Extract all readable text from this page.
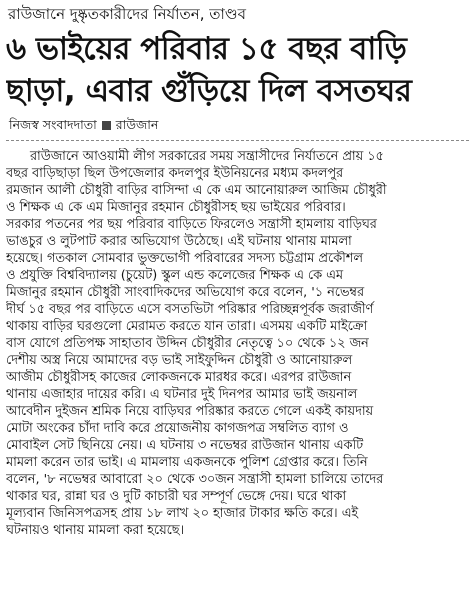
রাউজানে দুষ্কৃতকারীদের নির্যাতন, তাণ্ডব
৬ ভাইয়ের পরিবার ১৫ বছর বাড়ি
ছাড়া, এবার গুঁড়িয়ে দিল বসতঘর
নিজস্ব সংবাদদাতা রাউজান
রাউজানে আওয়ামী লীগ সরকারের সময় সন্ত্রাসীদের নির্যাতনে প্রায় ১৫
বছর বাড়িছাড়া ছিল উপজেলার কদলপুর ইউনিয়নের মধ্যম কদলপুর
রমজান আলী চৌধুরী বাড়ির বাসিন্দা এ কে এম আনোয়ারুল আজিম চৌধুরী
ও শিক্ষক এ কে এম মিজানুর রহমান চৌধুরীসহ ছয় ভাইয়ের পরিবার।
সরকার পতনের পর ছয় পরিবার বাড়িতে ফিরলেও সন্ত্রাসী হামলায় বাড়িঘর
ভাঙচুর ও লুটপাট করার অভিযোগ উঠেছে। এই ঘটনায় থানায় মামলা
হয়েছে। গতকাল সোমবার ভুক্তভোগী পরিবারের সদস্য চট্টগ্রাম প্রকৌশল
ও প্রযুক্তি বিশ্ববিদ্যালয় (চুয়েট) স্কুল এন্ড কলেজের শিক্ষক এ কে এম
মিজানুর রহমান চৌধুরী সাংবাদিকদের অভিযোগ করে বলেন, '১ নভেম্বর
দীর্ঘ ১৫ বছর পর বাড়িতে এসে বসতভিটা পরিষ্কার পরিচ্ছন্নপূর্বক জরাজীর্ণ
থাকায় বাড়ির ঘরগুলো মেরামত করতে যান তারা। এসময় একটি মাইক্রো
বাস যোগে প্রতিপক্ষ সাহাতাব উদ্দিন চৌধুরীর নেতৃত্বে ১০ থেকে ১২ জন
দেশীয় অস্ত্র নিয়ে আমাদের বড় ভাই সাইফুদ্দিন চৌধুরী ও আনোয়ারুল
আজীম চৌধুরীসহ কাজের লোকজনকে মারধর করে। এরপর রাউজান
থানায় এজাহার দায়ের করি। এ ঘটনার দুই দিনপর আমার ভাই জয়নাল
আবেদীন দুইজন শ্রমিক নিয়ে বাড়িঘর পরিষ্কার করতে গেলে একই কায়দায়
মোটা অংকের চাঁদা দাবি করে প্রয়োজনীয় কাগজপত্র সম্বলিত ব্যাগ ও
মোবাইল সেট ছিনিয়ে নেয়। এ ঘটনায় ৩ নভেম্বর রাউজান থানায় একটি
মামলা করেন তার ভাই। এ মামলায় একজনকে পুলিশ গ্রেপ্তার করে। তিনি
বলেন, '৮ নভেম্বর আবারো ২০ থেকে ৩০জন সন্ত্রাসী হামলা চালিয়ে তাদের
থাকার ঘর, রান্না ঘর ও দুটি কাচারী ঘর সম্পূর্ণ ভেঙ্গে দেয়। ঘরে থাকা
মূল্যবান জিনিসপত্রসহ প্রায় ১৮ লাখ ২০ হাজার টাকার ক্ষতি করে। এই
ঘটনায়ও থানায় মামলা করা হয়েছে।
